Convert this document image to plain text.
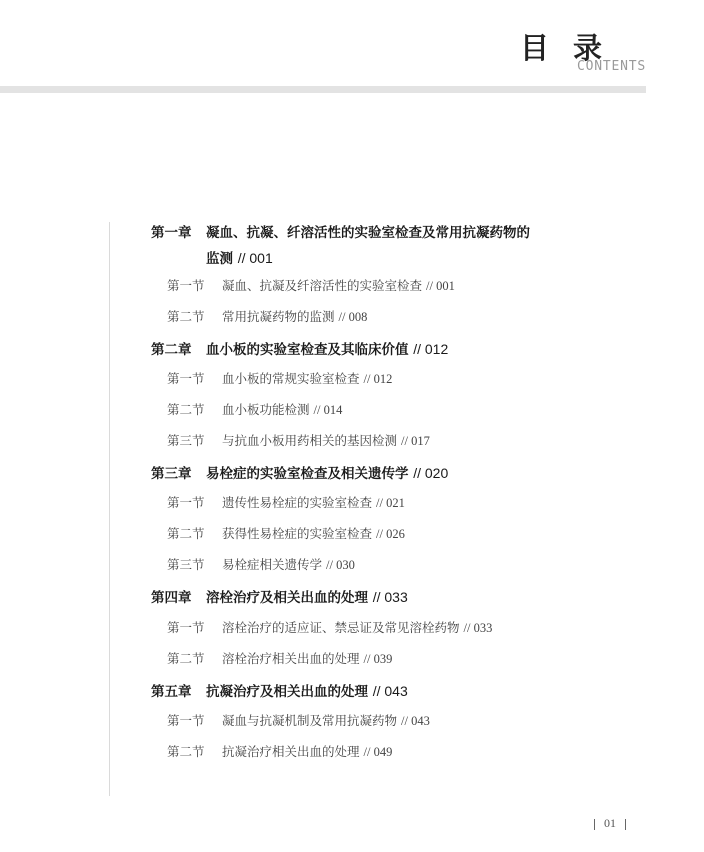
目录
CONTENTS
第一章 凝血、抗凝、纤溶活性的实验室检查及常用抗凝药物的
监测 // 001
第一节 凝血、抗凝及纤溶活性的实验室检查 // 001
第二节 常用抗凝药物的监测 // 008
第二章 血小板的实验室检查及其临床价值 // 012
第一节 血小板的常规实验室检查 // 012
第二节 血小板功能检测 // 014
第三节 与抗血小板用药相关的基因检测 // 017
第三章 易栓症的实验室检查及相关遗传学 // 020
第一节 遗传性易栓症的实验室检查 // 021
第二节 获得性易栓症的实验室检查 // 026
第三节 易栓症相关遗传学 // 030
第四章 溶栓治疗及相关出血的处理 // 033
第一节 溶栓治疗的适应证、禁忌证及常见溶栓药物 // 033
第二节 溶栓治疗相关出血的处理 // 039
第五章 抗凝治疗及相关出血的处理 // 043
第一节 凝血与抗凝机制及常用抗凝药物 // 043
第二节 抗凝治疗相关出血的处理 // 049
01
